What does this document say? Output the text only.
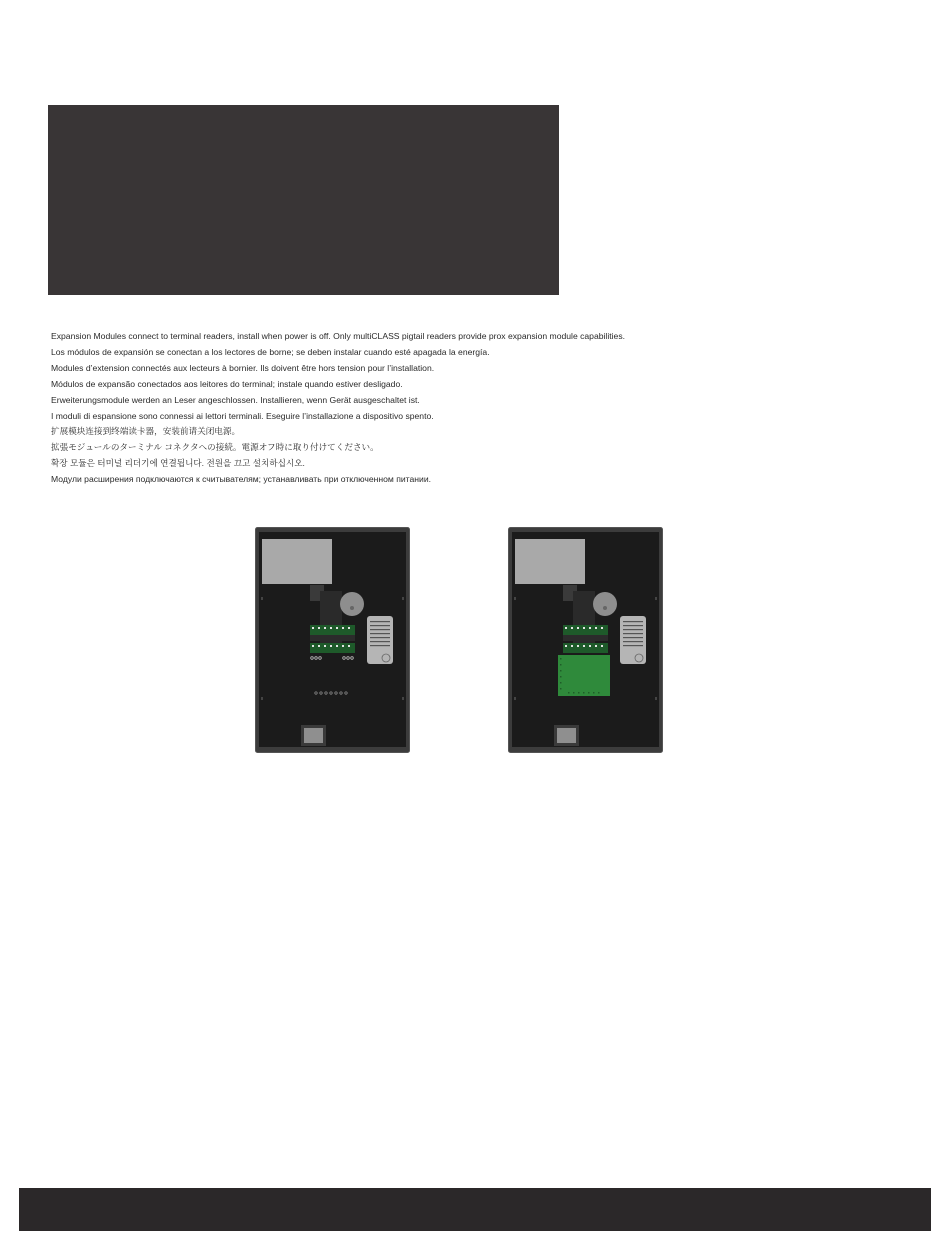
Expansion Modules connect to terminal readers, install when power is off. Only multiCLASS pigtail readers provide prox expansion module capabilities.
Los módulos de expansión se conectan a los lectores de borne; se deben instalar cuando esté apagada la energía.
Modules d’extension connectés aux lecteurs à bornier. Ils doivent être hors tension pour l’installation.
Módulos de expansão conectados aos leitores do terminal; instale quando estiver desligado.
Erweiterungsmodule werden an Leser angeschlossen. Installieren, wenn Gerät ausgeschaltet ist.
I moduli di espansione sono connessi ai lettori terminali. Eseguire l’installazione a dispositivo spento.
扩展模块连接到终端读卡器，安装前请关闭电源。
拡張モジュールのターミナル コネクタへの接続。電源オフ時に取り付けてください。
확장 모듈은 터미널 리더기에 연결됩니다. 전원을 끄고 설치하십시오.
Модули расширения подключаются к считывателям; устанавливать при отключенном питании.
